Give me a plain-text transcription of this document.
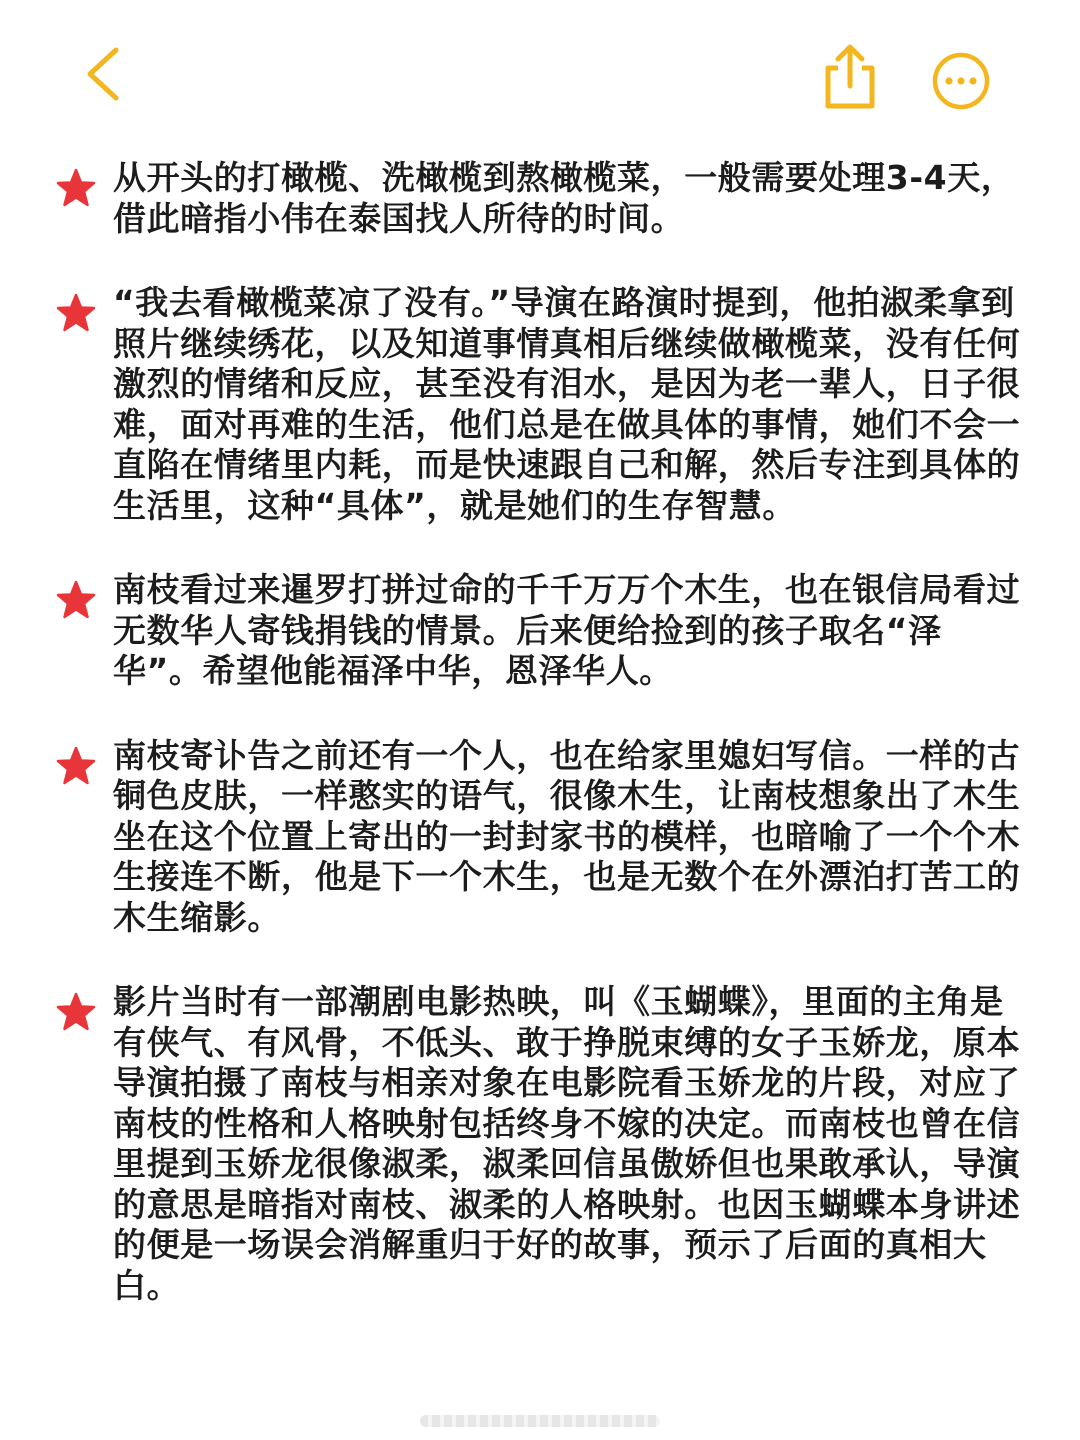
从开头的打橄榄、洗橄榄到熬橄榄菜，一般需要处理3-4天，借此暗指小伟在泰国找人所待的时间。

“我去看橄榄菜凉了没有。”导演在路演时提到，他拍淑柔拿到照片继续绣花，以及知道事情真相后继续做橄榄菜，没有任何激烈的情绪和反应，甚至没有泪水，是因为老一辈人，日子很难，面对再难的生活，他们总是在做具体的事情，她们不会一直陷在情绪里内耗，而是快速跟自己和解，然后专注到具体的生活里，这种“具体”，就是她们的生存智慧。

南枝看过来暹罗打拼过命的千千万万个木生，也在银信局看过无数华人寄钱捐钱的情景。后来便给捡到的孩子取名“泽华”。希望他能福泽中华，恩泽华人。

南枝寄讣告之前还有一个人，也在给家里媳妇写信。一样的古铜色皮肤，一样憨实的语气，很像木生，让南枝想象出了木生坐在这个位置上寄出的一封封家书的模样，也暗喻了一个个木生接连不断，他是下一个木生，也是无数个在外漂泊打苦工的木生缩影。

影片当时有一部潮剧电影热映，叫《玉蝴蝶》，里面的主角是有侠气、有风骨，不低头、敢于挣脱束缚的女子玉娇龙，原本导演拍摄了南枝与相亲对象在电影院看玉娇龙的片段，对应了南枝的性格和人格映射包括终身不嫁的决定。而南枝也曾在信里提到玉娇龙很像淑柔，淑柔回信虽傲娇但也果敢承认，导演的意思是暗指对南枝、淑柔的人格映射。也因玉蝴蝶本身讲述的便是一场误会消解重归于好的故事，预示了后面的真相大白。
